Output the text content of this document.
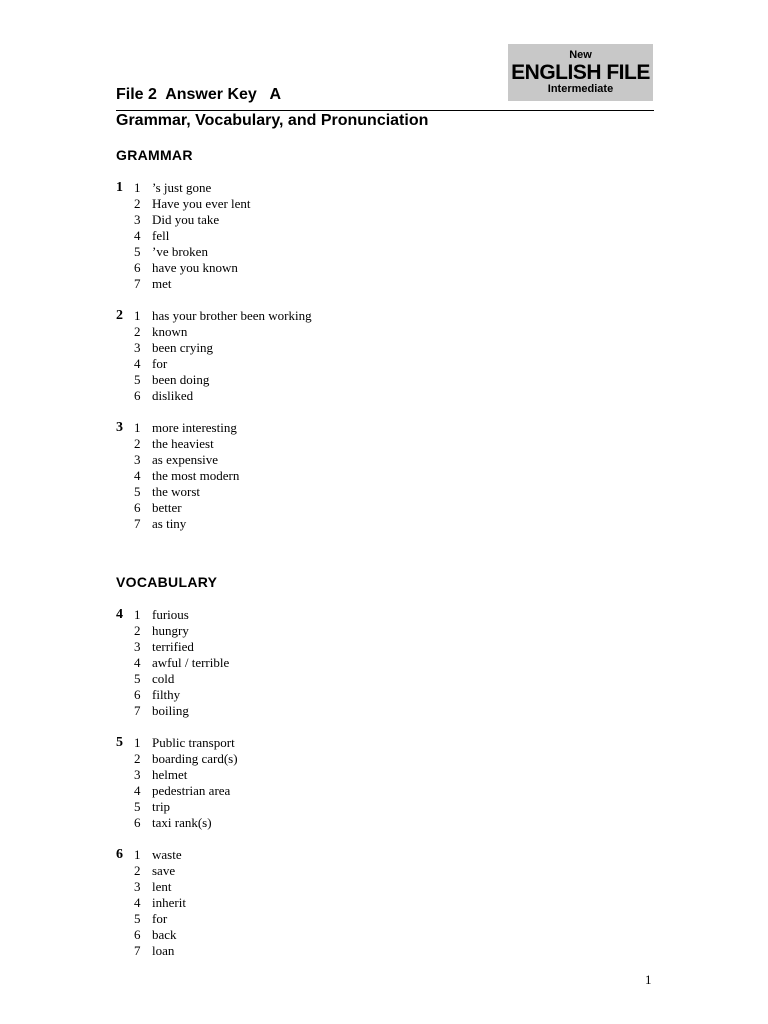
New
ENGLISH FILE
Intermediate
File 2  Answer Key   A
Grammar, Vocabulary, and Pronunciation
GRAMMAR
1 1 ’s just gone
2 Have you ever lent
3 Did you take
4 fell
5 ’ve broken
6 have you known
7 met
2 1 has your brother been working
2 known
3 been crying
4 for
5 been doing
6 disliked
3 1 more interesting
2 the heaviest
3 as expensive
4 the most modern
5 the worst
6 better
7 as tiny
VOCABULARY
4 1 furious
2 hungry
3 terrified
4 awful / terrible
5 cold
6 filthy
7 boiling
5 1 Public transport
2 boarding card(s)
3 helmet
4 pedestrian area
5 trip
6 taxi rank(s)
6 1 waste
2 save
3 lent
4 inherit
5 for
6 back
7 loan
1
